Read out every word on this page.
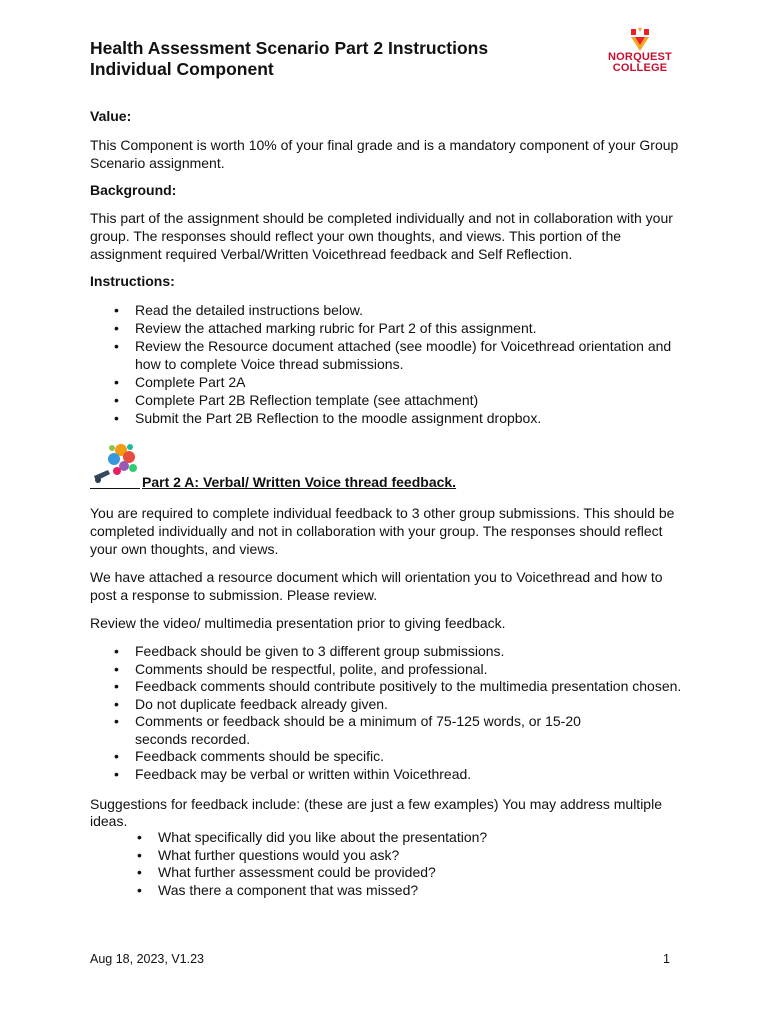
Health Assessment Scenario Part 2 Instructions
Individual Component
NORQUEST
COLLEGE
Value:
This Component is worth 10% of your final grade and is a mandatory component of your Group Scenario assignment.
Background:
This part of the assignment should be completed individually and not in collaboration with your group. The responses should reflect your own thoughts, and views. This portion of the assignment required Verbal/Written Voicethread feedback and Self Reflection.
Instructions:
• Read the detailed instructions below.
• Review the attached marking rubric for Part 2 of this assignment.
• Review the Resource document attached (see moodle) for Voicethread orientation and how to complete Voice thread submissions.
• Complete Part 2A
• Complete Part 2B Reflection template (see attachment)
• Submit the Part 2B Reflection to the moodle assignment dropbox.
Part 2 A: Verbal/ Written Voice thread feedback.
You are required to complete individual feedback to 3 other group submissions. This should be completed individually and not in collaboration with your group. The responses should reflect your own thoughts, and views.
We have attached a resource document which will orientation you to Voicethread and how to post a response to submission. Please review.
Review the video/ multimedia presentation prior to giving feedback.
• Feedback should be given to 3 different group submissions.
• Comments should be respectful, polite, and professional.
• Feedback comments should contribute positively to the multimedia presentation chosen.
• Do not duplicate feedback already given.
• Comments or feedback should be a minimum of 75-125 words, or 15-20 seconds recorded.
• Feedback comments should be specific.
• Feedback may be verbal or written within Voicethread.
Suggestions for feedback include: (these are just a few examples) You may address multiple ideas.
• What specifically did you like about the presentation?
• What further questions would you ask?
• What further assessment could be provided?
• Was there a component that was missed?
Aug 18, 2023, V1.23	1
